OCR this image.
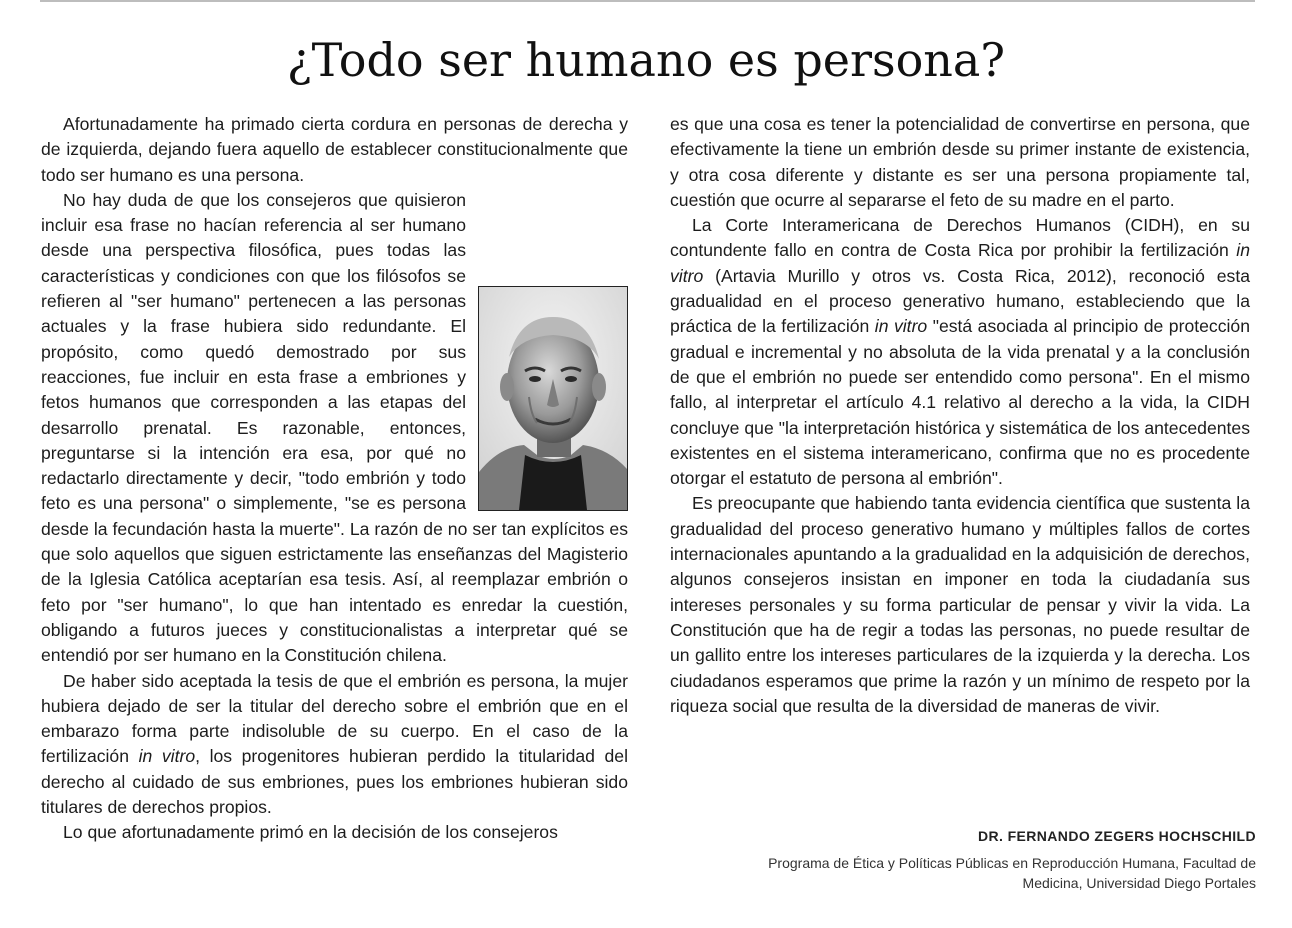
¿Todo ser humano es persona?

Afortunadamente ha primado cierta cordura en personas de derecha y de izquierda, dejando fuera aquello de establecer constitucionalmente que todo ser humano es una persona.

No hay duda de que los consejeros que quisieron incluir esa frase no hacían referencia al ser humano desde una perspectiva filosófica, pues todas las características y condiciones con que los filósofos se refieren al "ser humano" pertenecen a las personas actuales y la frase hubiera sido redundante. El propósito, como quedó demostrado por sus reacciones, fue incluir en esta frase a embriones y fetos humanos que corresponden a las etapas del desarrollo prenatal. Es razonable, entonces, preguntarse si la intención era esa, por qué no redactarlo directamente y decir, "todo embrión y todo feto es una persona" o simplemente, "se es persona desde la fecundación hasta la muerte". La razón de no ser tan explícitos es que solo aquellos que siguen estrictamente las enseñanzas del Magisterio de la Iglesia Católica aceptarían esa tesis. Así, al reemplazar embrión o feto por "ser humano", lo que han intentado es enredar la cuestión, obligando a futuros jueces y constitucionalistas a interpretar qué se entendió por ser humano en la Constitución chilena.

De haber sido aceptada la tesis de que el embrión es persona, la mujer hubiera dejado de ser la titular del derecho sobre el embrión que en el embarazo forma parte indisoluble de su cuerpo. En el caso de la fertilización in vitro, los progenitores hubieran perdido la titularidad del derecho al cuidado de sus embriones, pues los embriones hubieran sido titulares de derechos propios.

Lo que afortunadamente primó en la decisión de los consejeros

es que una cosa es tener la potencialidad de convertirse en persona, que efectivamente la tiene un embrión desde su primer instante de existencia, y otra cosa diferente y distante es ser una persona propiamente tal, cuestión que ocurre al separarse el feto de su madre en el parto.

La Corte Interamericana de Derechos Humanos (CIDH), en su contundente fallo en contra de Costa Rica por prohibir la fertilización in vitro (Artavia Murillo y otros vs. Costa Rica, 2012), reconoció esta gradualidad en el proceso generativo humano, estableciendo que la práctica de la fertilización in vitro "está asociada al principio de protección gradual e incremental y no absoluta de la vida prenatal y a la conclusión de que el embrión no puede ser entendido como persona". En el mismo fallo, al interpretar el artículo 4.1 relativo al derecho a la vida, la CIDH concluye que "la interpretación histórica y sistemática de los antecedentes existentes en el sistema interamericano, confirma que no es procedente otorgar el estatuto de persona al embrión".

Es preocupante que habiendo tanta evidencia científica que sustenta la gradualidad del proceso generativo humano y múltiples fallos de cortes internacionales apuntando a la gradualidad en la adquisición de derechos, algunos consejeros insistan en imponer en toda la ciudadanía sus intereses personales y su forma particular de pensar y vivir la vida. La Constitución que ha de regir a todas las personas, no puede resultar de un gallito entre los intereses particulares de la izquierda y la derecha. Los ciudadanos esperamos que prime la razón y un mínimo de respeto por la riqueza social que resulta de la diversidad de maneras de vivir.

DR. FERNANDO ZEGERS HOCHSCHILD
Programa de Ética y Políticas Públicas en Reproducción Humana, Facultad de
Medicina, Universidad Diego Portales
